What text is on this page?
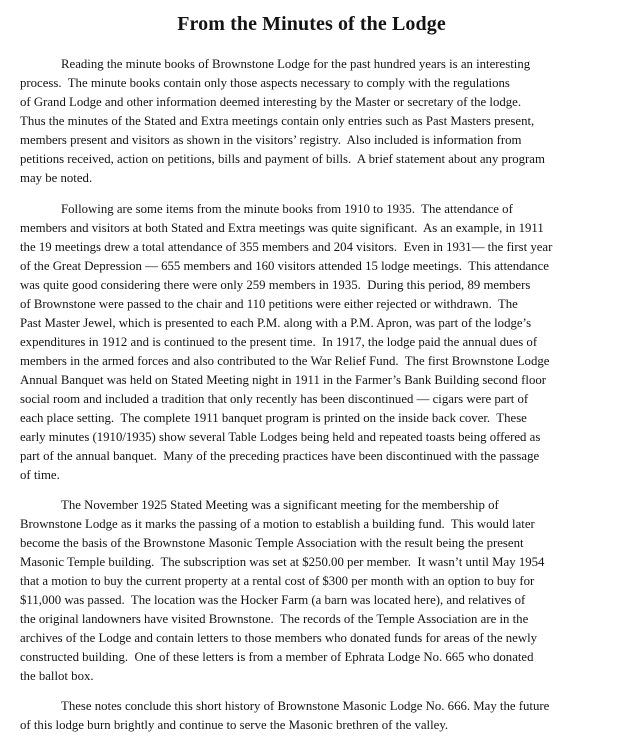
From the Minutes of the Lodge
Reading the minute books of Brownstone Lodge for the past hundred years is an interesting
process.  The minute books contain only those aspects necessary to comply with the regulations
of Grand Lodge and other information deemed interesting by the Master or secretary of the lodge.
Thus the minutes of the Stated and Extra meetings contain only entries such as Past Masters present,
members present and visitors as shown in the visitors’ registry.  Also included is information from
petitions received, action on petitions, bills and payment of bills.  A brief statement about any program
may be noted.
Following are some items from the minute books from 1910 to 1935.  The attendance of
members and visitors at both Stated and Extra meetings was quite significant.  As an example, in 1911
the 19 meetings drew a total attendance of 355 members and 204 visitors.  Even in 1931— the first year
of the Great Depression — 655 members and 160 visitors attended 15 lodge meetings.  This attendance
was quite good considering there were only 259 members in 1935.  During this period, 89 members
of Brownstone were passed to the chair and 110 petitions were either rejected or withdrawn.  The
Past Master Jewel, which is presented to each P.M. along with a P.M. Apron, was part of the lodge’s
expenditures in 1912 and is continued to the present time.  In 1917, the lodge paid the annual dues of
members in the armed forces and also contributed to the War Relief Fund.  The first Brownstone Lodge
Annual Banquet was held on Stated Meeting night in 1911 in the Farmer’s Bank Building second floor
social room and included a tradition that only recently has been discontinued — cigars were part of
each place setting.  The complete 1911 banquet program is printed on the inside back cover.  These
early minutes (1910/1935) show several Table Lodges being held and repeated toasts being offered as
part of the annual banquet.  Many of the preceding practices have been discontinued with the passage
of time.
The November 1925 Stated Meeting was a significant meeting for the membership of
Brownstone Lodge as it marks the passing of a motion to establish a building fund.  This would later
become the basis of the Brownstone Masonic Temple Association with the result being the present
Masonic Temple building.  The subscription was set at $250.00 per member.  It wasn’t until May 1954
that a motion to buy the current property at a rental cost of $300 per month with an option to buy for
$11,000 was passed.  The location was the Hocker Farm (a barn was located here), and relatives of
the original landowners have visited Brownstone.  The records of the Temple Association are in the
archives of the Lodge and contain letters to those members who donated funds for areas of the newly
constructed building.  One of these letters is from a member of Ephrata Lodge No. 665 who donated
the ballot box.
These notes conclude this short history of Brownstone Masonic Lodge No. 666. May the future
of this lodge burn brightly and continue to serve the Masonic brethren of the valley.
